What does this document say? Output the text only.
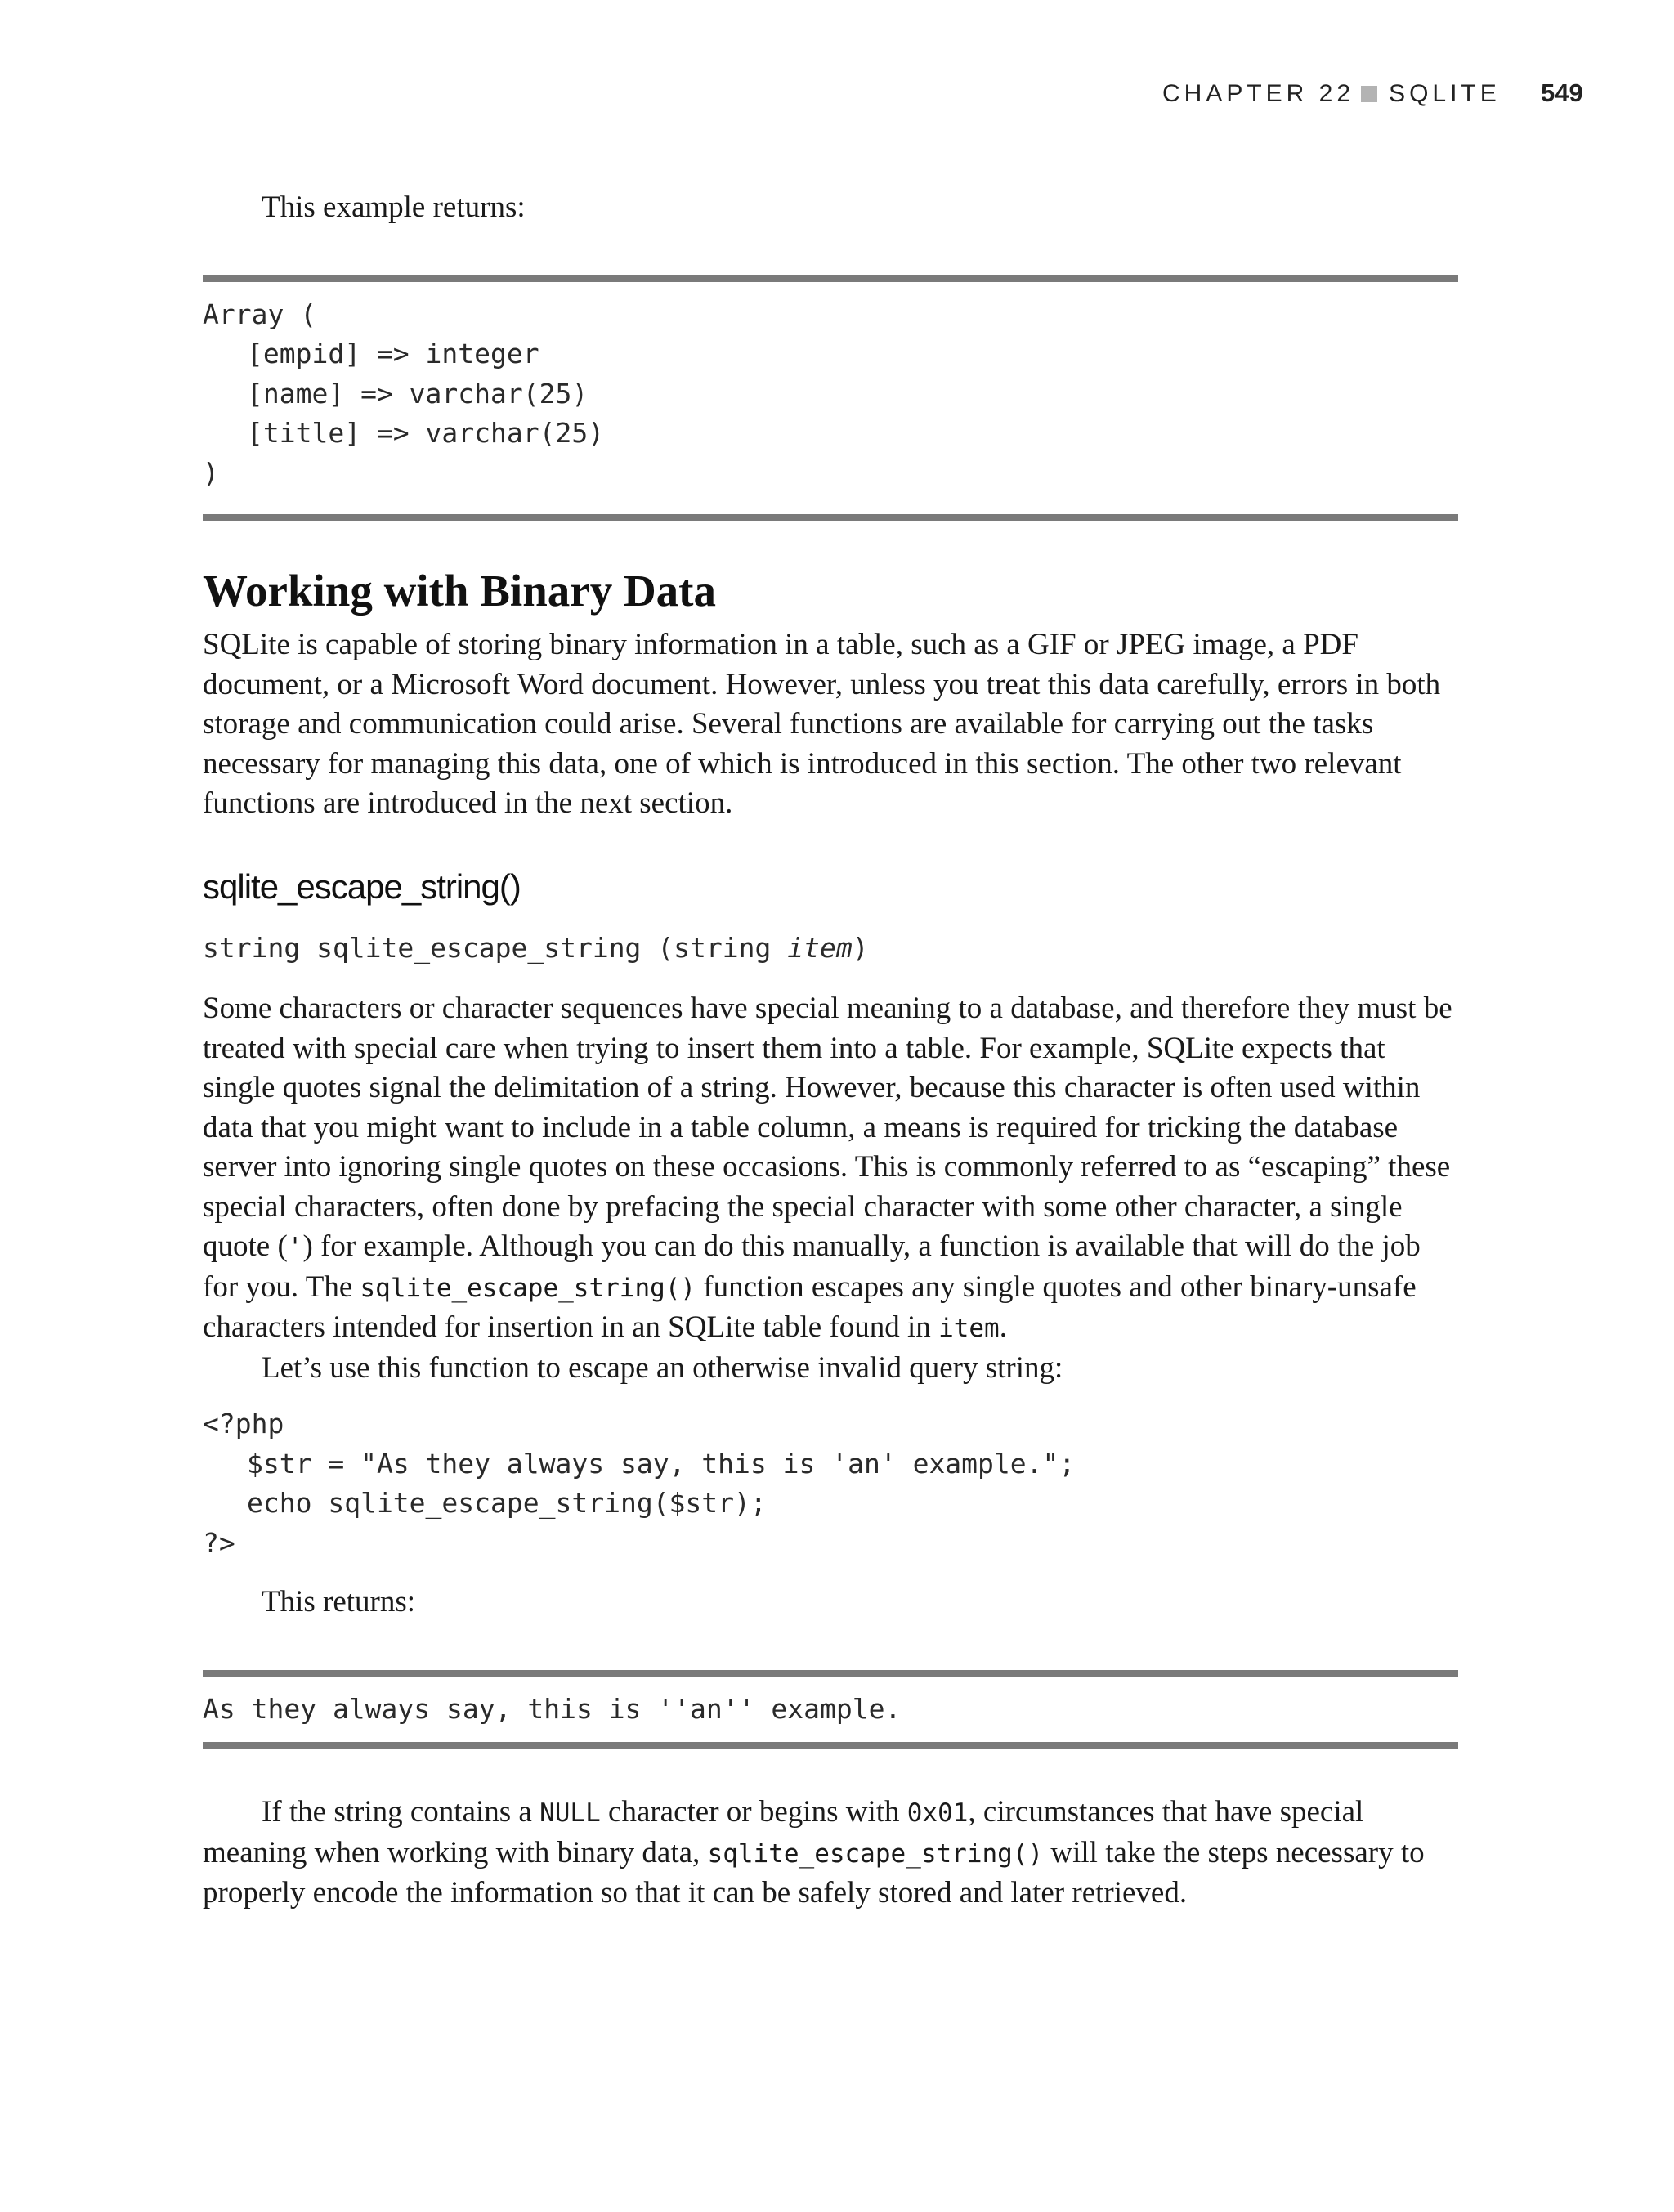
CHAPTER 22 SQLITE 549

This example returns:

Array (
[empid] => integer
[name] => varchar(25)
[title] => varchar(25)
)
Working with Binary Data

SQLite is capable of storing binary information in a table, such as a GIF or JPEG image, a PDF document, or a Microsoft Word document. However, unless you treat this data carefully, errors in both storage and communication could arise. Several functions are available for carrying out the tasks necessary for managing this data, one of which is introduced in this section. The other two relevant functions are introduced in the next section.

sqlite_escape_string()

string sqlite_escape_string (string item)

Some characters or character sequences have special meaning to a database, and therefore they must be treated with special care when trying to insert them into a table. For example, SQLite expects that single quotes signal the delimitation of a string. However, because this character is often used within data that you might want to include in a table column, a means is required for tricking the database server into ignoring single quotes on these occasions. This is commonly referred to as “escaping” these special characters, often done by prefacing the special character with some other character, a single quote (') for example. Although you can do this manually, a function is available that will do the job for you. The sqlite_escape_string() function escapes any single quotes and other binary-unsafe characters intended for insertion in an SQLite table found in item.

Let’s use this function to escape an otherwise invalid query string:

<?php
$str = "As they always say, this is 'an' example.";
echo sqlite_escape_string($str);
?>

This returns:

As they always say, this is ''an'' example.

If the string contains a NULL character or begins with 0x01, circumstances that have special meaning when working with binary data, sqlite_escape_string() will take the steps necessary to properly encode the information so that it can be safely stored and later retrieved.
